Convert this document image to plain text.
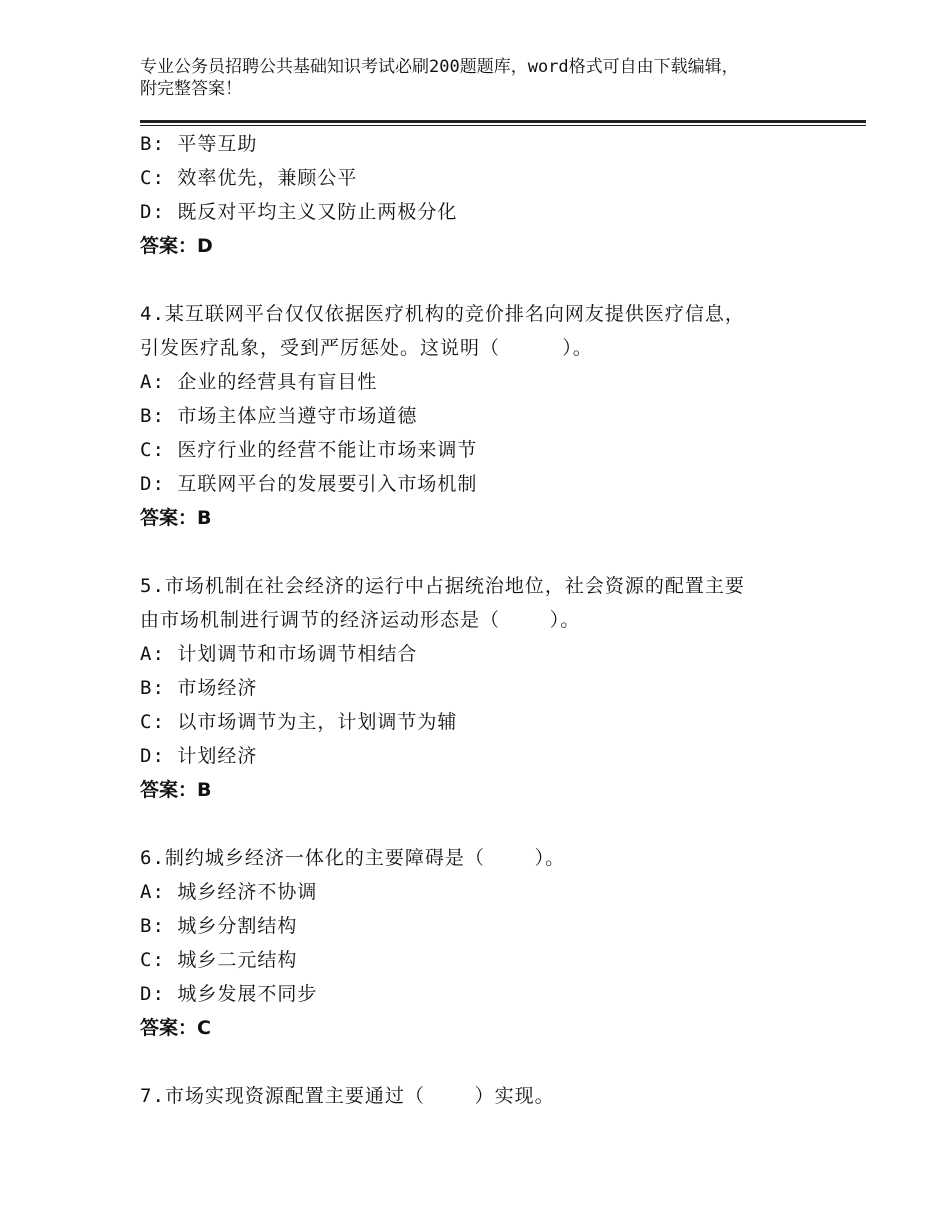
专业公务员招聘公共基础知识考试必刷200题题库，word格式可自由下载编辑，
附完整答案！
B: 平等互助
C: 效率优先，兼顾公平
D: 既反对平均主义又防止两极分化
答案：D
4.某互联网平台仅仅依据医疗机构的竞价排名向网友提供医疗信息，
引发医疗乱象，受到严厉惩处。这说明（     ）。
A: 企业的经营具有盲目性
B: 市场主体应当遵守市场道德
C: 医疗行业的经营不能让市场来调节
D: 互联网平台的发展要引入市场机制
答案：B
5.市场机制在社会经济的运行中占据统治地位，社会资源的配置主要
由市场机制进行调节的经济运动形态是（    ）。
A: 计划调节和市场调节相结合
B: 市场经济
C: 以市场调节为主，计划调节为辅
D: 计划经济
答案：B
6.制约城乡经济一体化的主要障碍是（    ）。
A: 城乡经济不协调
B: 城乡分割结构
C: 城乡二元结构
D: 城乡发展不同步
答案：C
7.市场实现资源配置主要通过（    ）实现。
